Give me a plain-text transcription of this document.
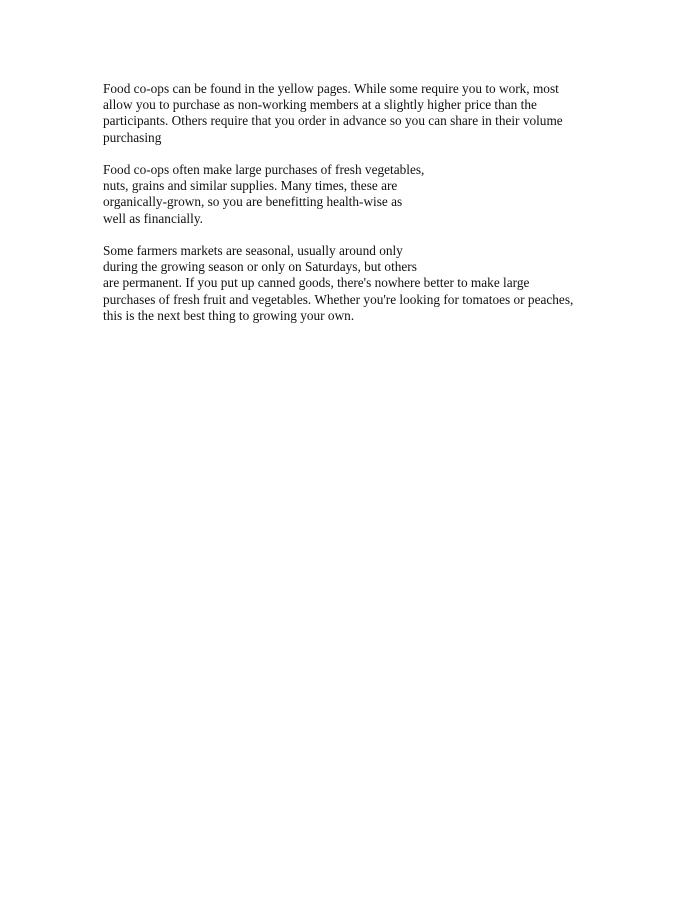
Food co-ops can be found in the yellow pages. While some require you to work, most
allow you to purchase as non-working members at a slightly higher price than the
participants. Others require that you order in advance so you can share in their volume
purchasing

Food co-ops often make large purchases of fresh vegetables,
nuts, grains and similar supplies. Many times, these are
organically-grown, so you are benefitting health-wise as
well as financially.

Some farmers markets are seasonal, usually around only
during the growing season or only on Saturdays, but others
are permanent. If you put up canned goods, there's nowhere better to make large
purchases of fresh fruit and vegetables. Whether you're looking for tomatoes or peaches,
this is the next best thing to growing your own.
